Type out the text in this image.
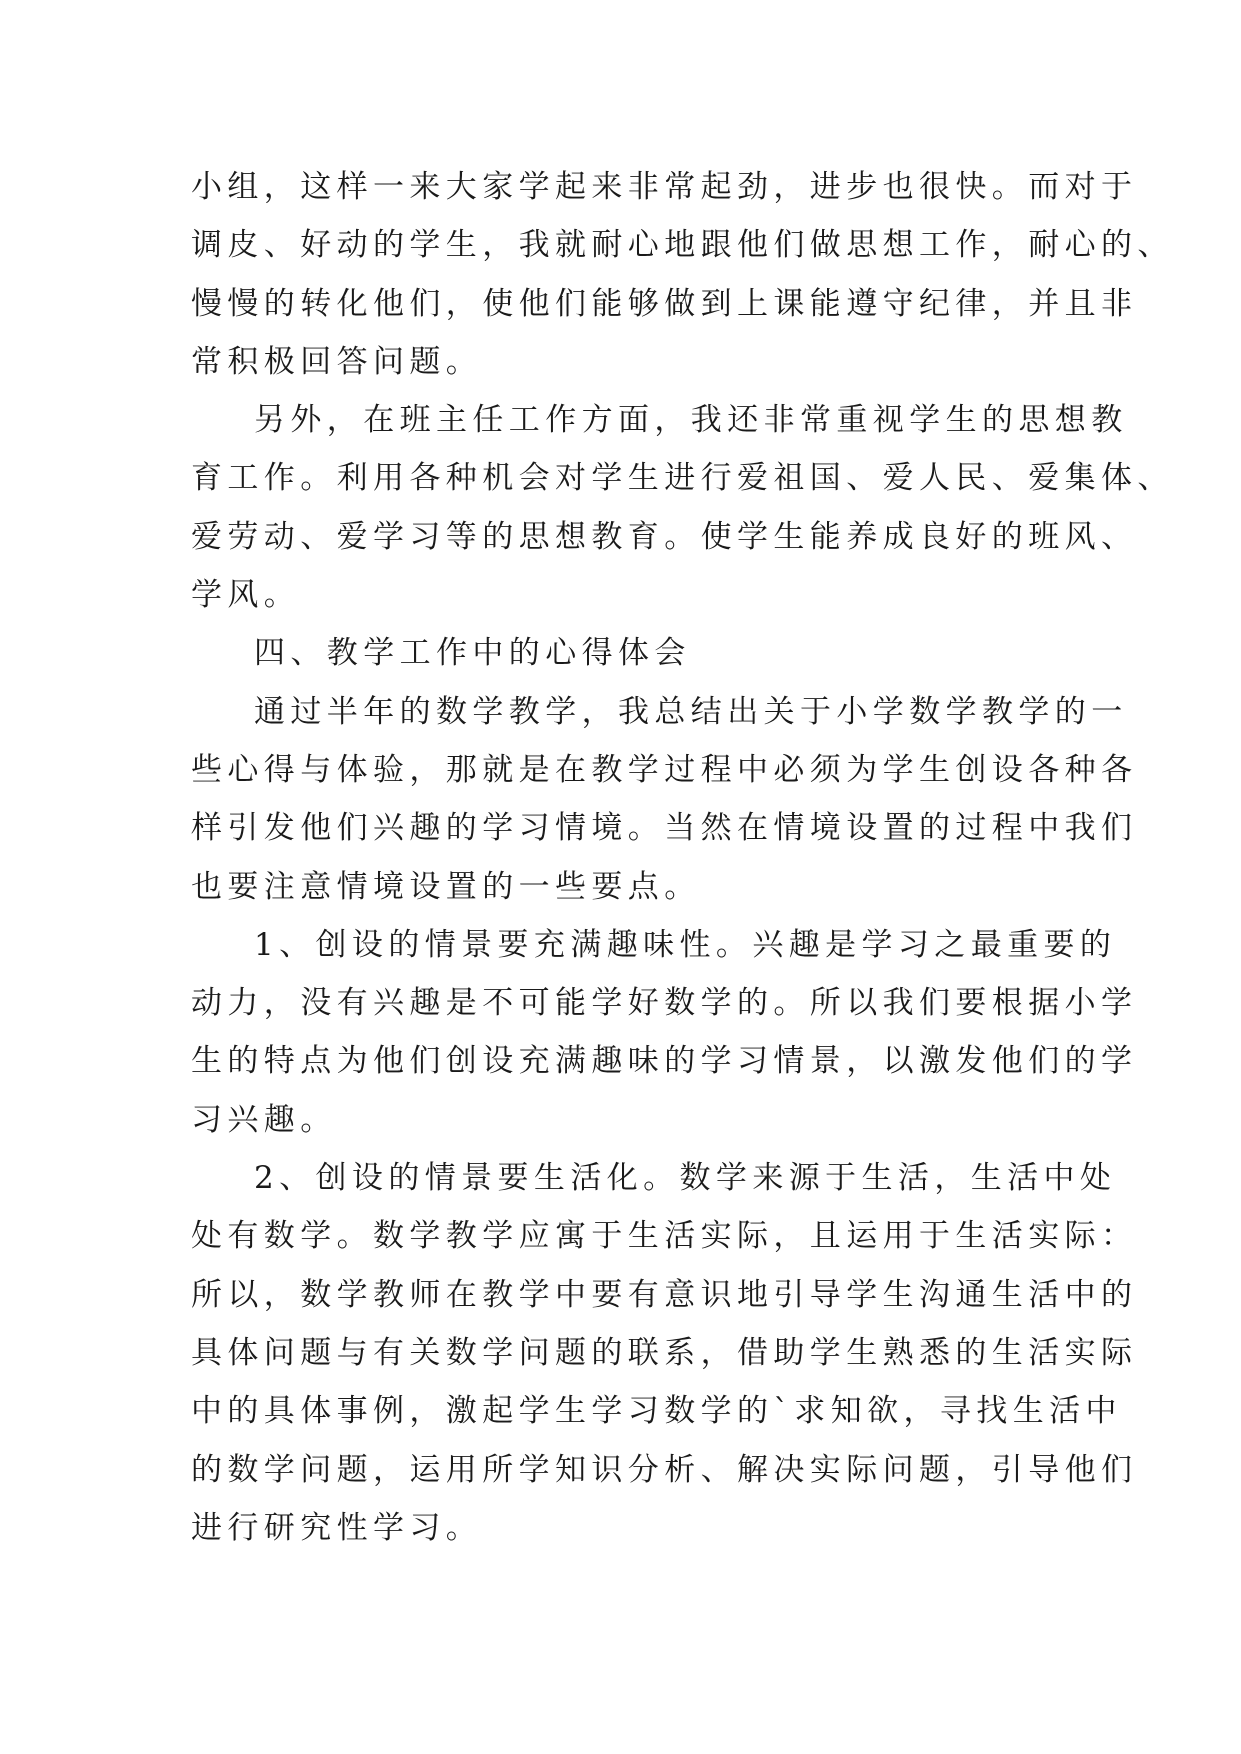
小组，这样一来大家学起来非常起劲，进步也很快。而对于
调皮、好动的学生，我就耐心地跟他们做思想工作，耐心的、
慢慢的转化他们，使他们能够做到上课能遵守纪律，并且非
常积极回答问题。
另外，在班主任工作方面，我还非常重视学生的思想教
育工作。利用各种机会对学生进行爱祖国、爱人民、爱集体、
爱劳动、爱学习等的思想教育。使学生能养成良好的班风、
学风。
四、教学工作中的心得体会
通过半年的数学教学，我总结出关于小学数学教学的一
些心得与体验，那就是在教学过程中必须为学生创设各种各
样引发他们兴趣的学习情境。当然在情境设置的过程中我们
也要注意情境设置的一些要点。
1、创设的情景要充满趣味性。兴趣是学习之最重要的
动力，没有兴趣是不可能学好数学的。所以我们要根据小学
生的特点为他们创设充满趣味的学习情景，以激发他们的学
习兴趣。
2、创设的情景要生活化。数学来源于生活，生活中处
处有数学。数学教学应寓于生活实际，且运用于生活实际：
所以，数学教师在教学中要有意识地引导学生沟通生活中的
具体问题与有关数学问题的联系，借助学生熟悉的生活实际
中的具体事例，激起学生学习数学的`求知欲，寻找生活中
的数学问题，运用所学知识分析、解决实际问题，引导他们
进行研究性学习。
